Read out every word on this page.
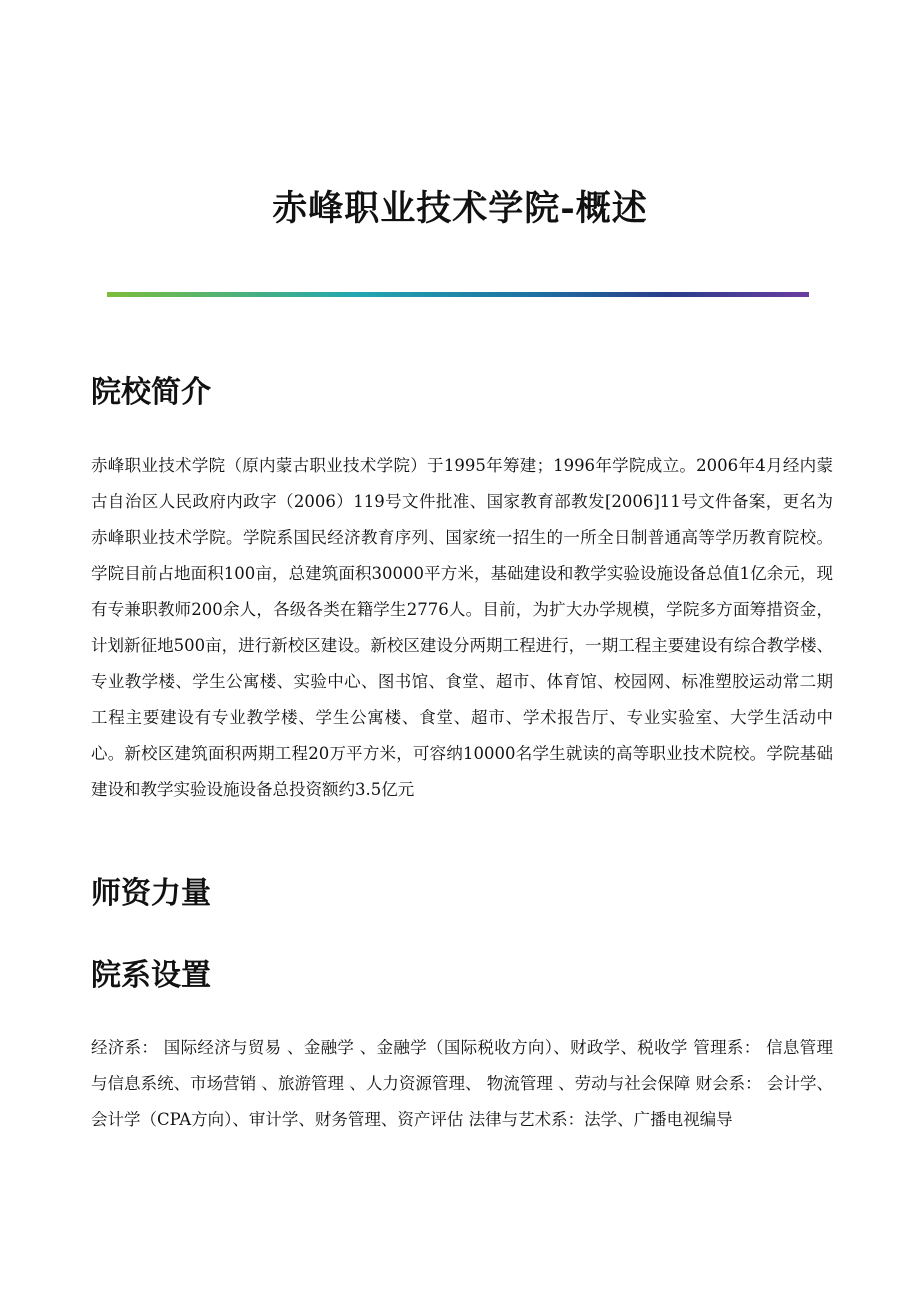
赤峰职业技术学院-概述
院校简介

赤峰职业技术学院（原内蒙古职业技术学院）于1995年筹建；1996年学院成立。2006年4月经内蒙古自治区人民政府内政字（2006）119号文件批准、国家教育部教发[2006]11号文件备案，更名为赤峰职业技术学院。学院系国民经济教育序列、国家统一招生的一所全日制普通高等学历教育院校。学院目前占地面积100亩，总建筑面积30000平方米，基础建设和教学实验设施设备总值1亿余元，现有专兼职教师200余人，各级各类在籍学生2776人。目前，为扩大办学规模，学院多方面筹措资金，计划新征地500亩，进行新校区建设。新校区建设分两期工程进行，一期工程主要建设有综合教学楼、专业教学楼、学生公寓楼、实验中心、图书馆、食堂、超市、体育馆、校园网、标准塑胶运动常二期工程主要建设有专业教学楼、学生公寓楼、食堂、超市、学术报告厅、专业实验室、大学生活动中心。新校区建筑面积两期工程20万平方米，可容纳10000名学生就读的高等职业技术院校。学院基础建设和教学实验设施设备总投资额约3.5亿元

师资力量
院系设置

经济系： 国际经济与贸易 、金融学 、金融学（国际税收方向）、财政学、税收学 管理系： 信息管理与信息系统、市场营销 、旅游管理 、人力资源管理、 物流管理 、劳动与社会保障 财会系： 会计学、会计学（CPA方向）、审计学、财务管理、资产评估 法律与艺术系：法学、广播电视编导
